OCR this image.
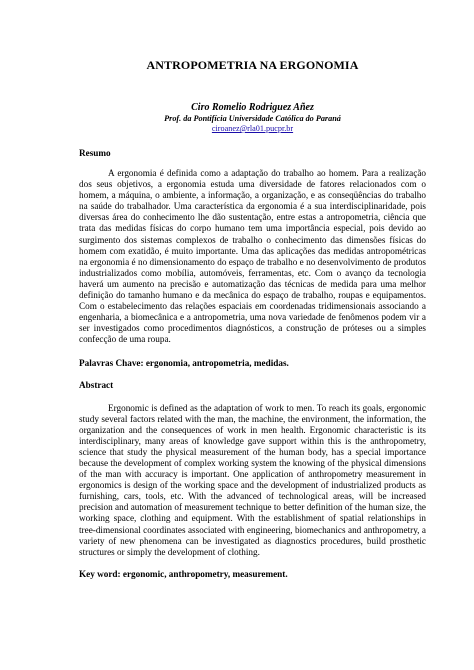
ANTROPOMETRIA NA ERGONOMIA

Ciro Romelio Rodriguez Añez

Prof. da Pontifícia Universidade Católica do Paraná

ciroanez@rla01.pucpr.br

Resumo

A ergonomia é definida como a adaptação do trabalho ao homem. Para a realização dos seus objetivos, a ergonomia estuda uma diversidade de fatores relacionados com o homem, a máquina, o ambiente, a informação, a organização, e as conseqüências do trabalho na saúde do trabalhador. Uma característica da ergonomia é a sua interdisciplinaridade, pois diversas área do conhecimento lhe dão sustentação, entre estas a antropometria, ciência que trata das medidas físicas do corpo humano tem uma importância especial, pois devido ao surgimento dos sistemas complexos de trabalho o conhecimento das dimensões físicas do homem com exatidão, é muito importante. Uma das aplicações das medidas antropométricas na ergonomia é no dimensionamento do espaço de trabalho e no desenvolvimento de produtos industrializados como mobília, automóveis, ferramentas, etc. Com o avanço da tecnologia haverá um aumento na precisão e automatização das técnicas de medida para uma melhor definição do tamanho humano e da mecânica do espaço de trabalho, roupas e equipamentos. Com o estabelecimento das relações espaciais em coordenadas tridimensionais associando a engenharia, a biomecânica e a antropometria, uma nova variedade de fenômenos podem vir a ser investigados como procedimentos diagnósticos, a construção de próteses ou a simples confecção de uma roupa.

Palavras Chave: ergonomia, antropometria, medidas.

Abstract

Ergonomic is defined as the adaptation of work to men. To reach its goals, ergonomic study several factors related with the man, the machine, the environment, the information, the organization and the consequences of work in men health. Ergonomic characteristic is its interdisciplinary, many areas of knowledge gave support within this is the anthropometry, science that study the physical measurement of the human body, has a special importance because the development of complex working system the knowing of the physical dimensions of the man with accuracy is important. One application of anthropometry measurement in ergonomics is design of the working space and the development of industrialized products as furnishing, cars, tools, etc. With the advanced of technological areas, will be increased precision and automation of measurement technique to better definition of the human size, the working space, clothing and equipment. With the establishment of spatial relationships in tree-dimensional coordinates associated with engineering, biomechanics and anthropometry, a variety of new phenomena can be investigated as diagnostics procedures, build prosthetic structures or simply the development of clothing.

Key word: ergonomic, anthropometry, measurement.
